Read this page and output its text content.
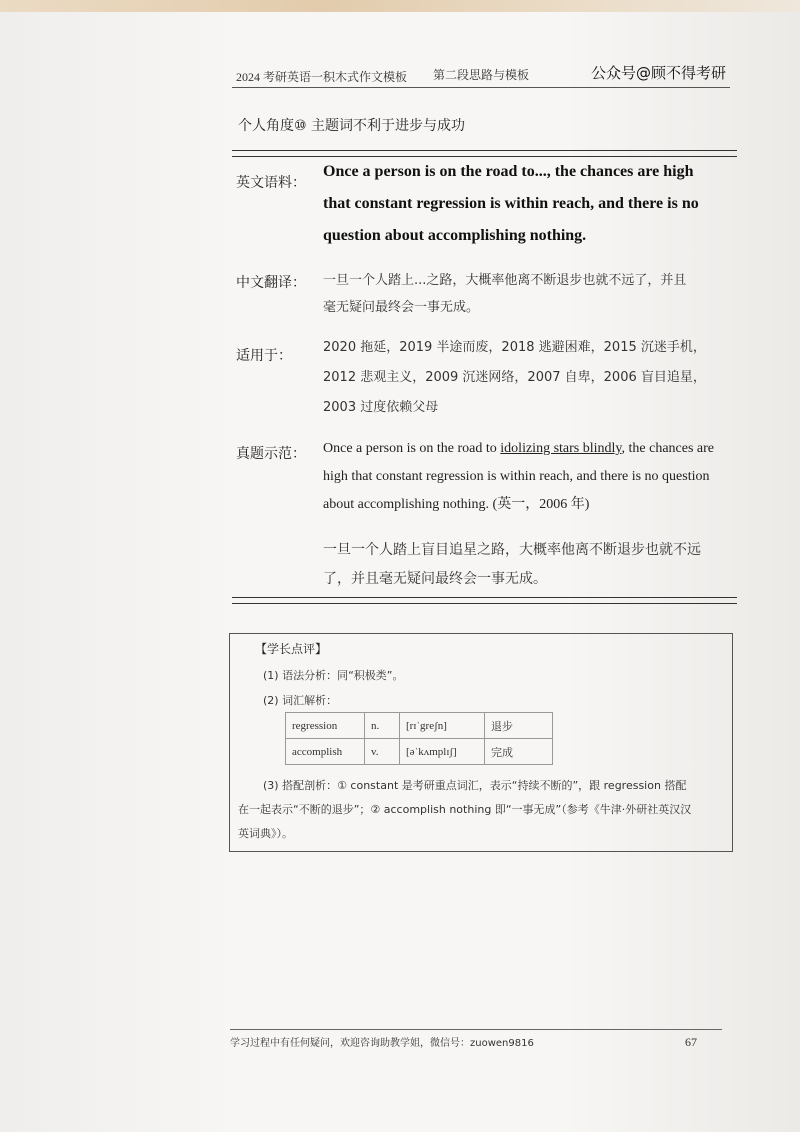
2024 考研英语一积木式作文模板 第二段思路与模板	公众号@顾不得考研
个人角度⑩ 主题词不利于进步与成功
英文语料：
Once a person is on the road to..., the chances are high
that constant regression is within reach, and there is no
question about accomplishing nothing.
中文翻译： 一旦一个人踏上...之路，大概率他离不断退步也就不远了，并且
毫无疑问最终会一事无成。
适用于：
2020 拖延，2019 半途而废，2018 逃避困难，2015 沉迷手机，
2012 悲观主义，2009 沉迷网络，2007 自卑，2006 盲目追星，
2003 过度依赖父母
真题示范： Once a person is on the road to idolizing stars blindly, the chances are
high that constant regression is within reach, and there is no question
about accomplishing nothing. (英一，2006 年)
一旦一个人踏上盲目追星之路，大概率他离不断退步也就不远
了，并且毫无疑问最终会一事无成。
【学长点评】
(1) 语法分析：同“积极类”。
(2) 词汇解析：
regression	n.	[rɪˈgreʃn]	退步
accomplish	v.	[əˈkʌmplɪʃ]	完成
(3) 搭配剖析：① constant 是考研重点词汇，表示“持续不断的”，跟 regression 搭配
在一起表示“不断的退步”；② accomplish nothing 即“一事无成”（参考《牛津·外研社英汉汉
英词典》）。
学习过程中有任何疑问，欢迎咨询助教学姐，微信号：zuowen9816	67
